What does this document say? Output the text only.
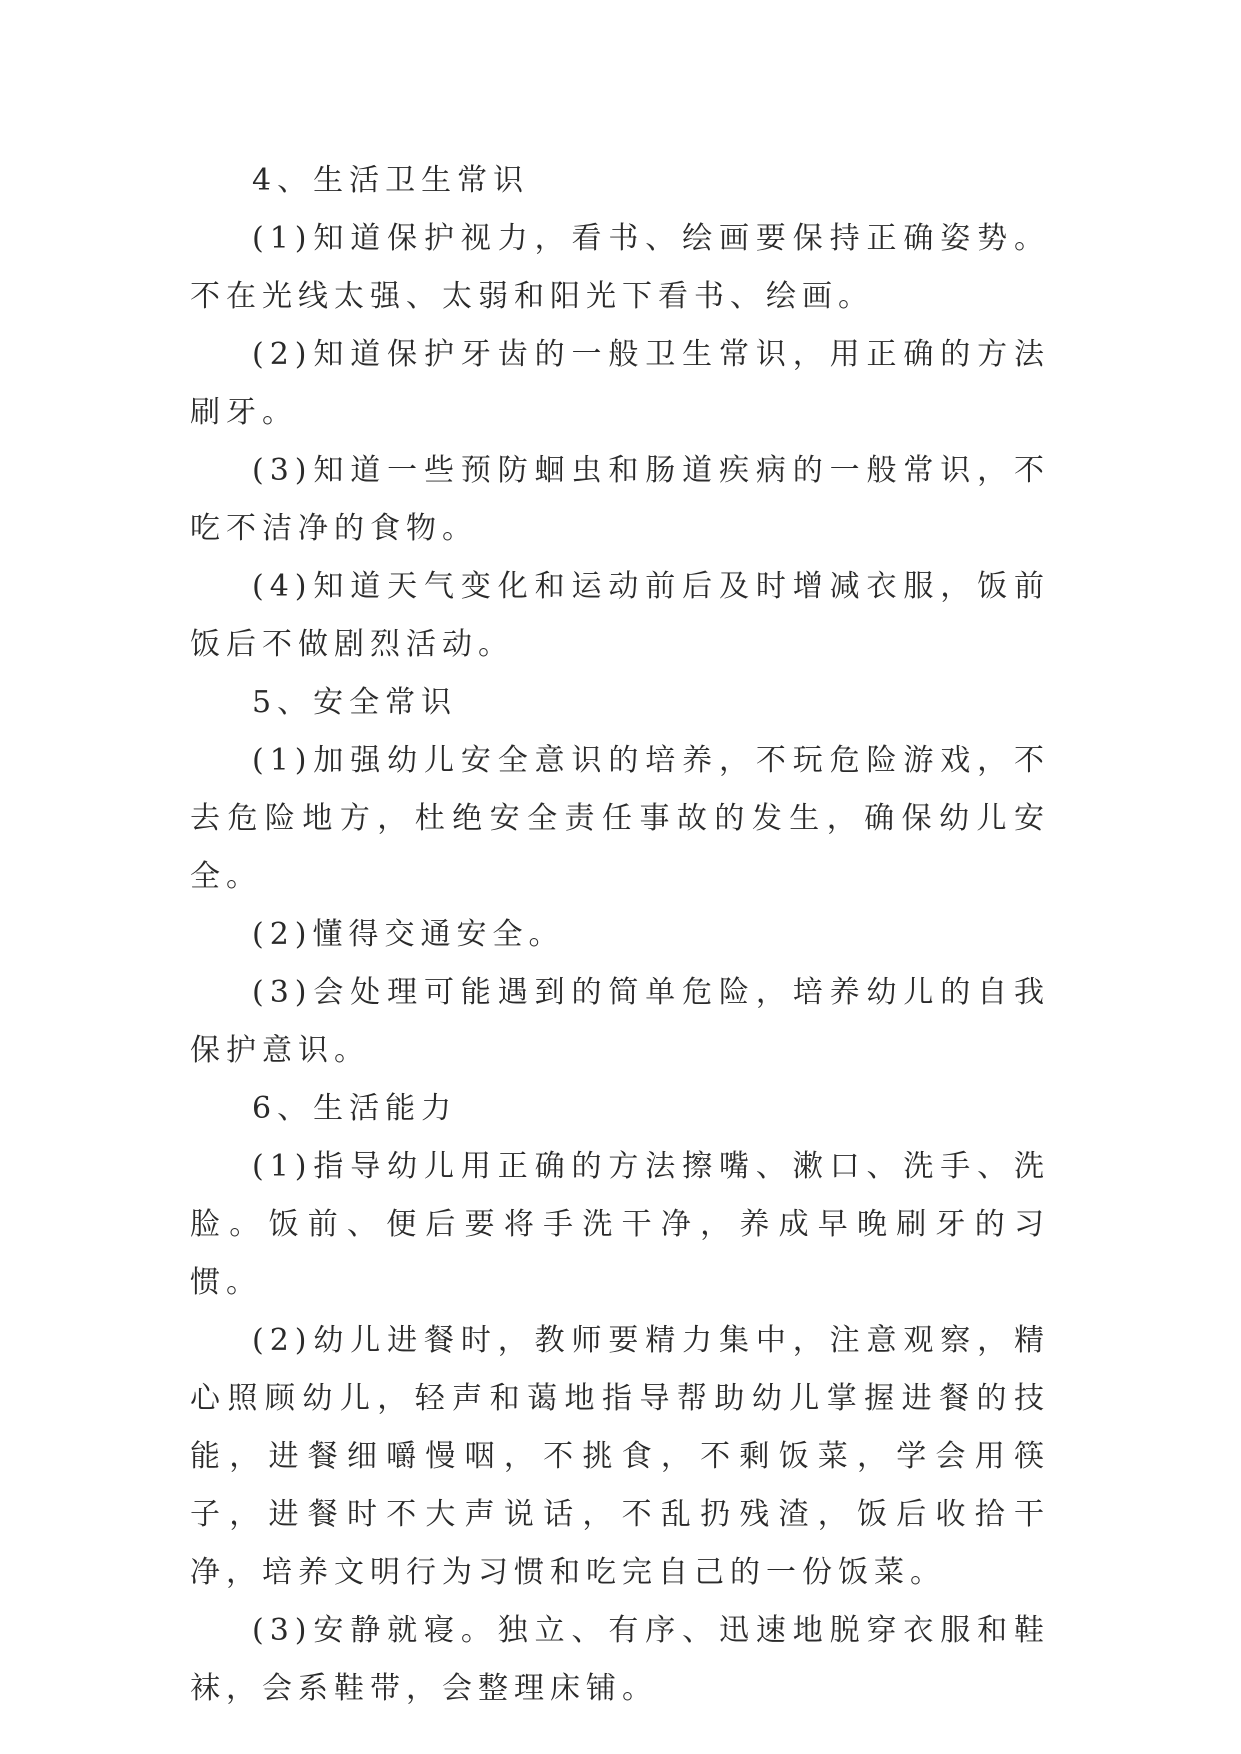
4、生活卫生常识

(1)知道保护视力，看书、绘画要保持正确姿势。不在光线太强、太弱和阳光下看书、绘画。

(2)知道保护牙齿的一般卫生常识，用正确的方法刷牙。

(3)知道一些预防蛔虫和肠道疾病的一般常识，不吃不洁净的食物。

(4)知道天气变化和运动前后及时增减衣服，饭前饭后不做剧烈活动。

5、安全常识

(1)加强幼儿安全意识的培养，不玩危险游戏，不去危险地方，杜绝安全责任事故的发生，确保幼儿安全。

(2)懂得交通安全。

(3)会处理可能遇到的简单危险，培养幼儿的自我保护意识。

6、生活能力

(1)指导幼儿用正确的方法擦嘴、漱口、洗手、洗脸。饭前、便后要将手洗干净，养成早晚刷牙的习惯。

(2)幼儿进餐时，教师要精力集中，注意观察，精心照顾幼儿，轻声和蔼地指导帮助幼儿掌握进餐的技能，进餐细嚼慢咽，不挑食，不剩饭菜，学会用筷子，进餐时不大声说话，不乱扔残渣，饭后收拾干净，培养文明行为习惯和吃完自己的一份饭菜。

(3)安静就寝。独立、有序、迅速地脱穿衣服和鞋袜，会系鞋带，会整理床铺。
